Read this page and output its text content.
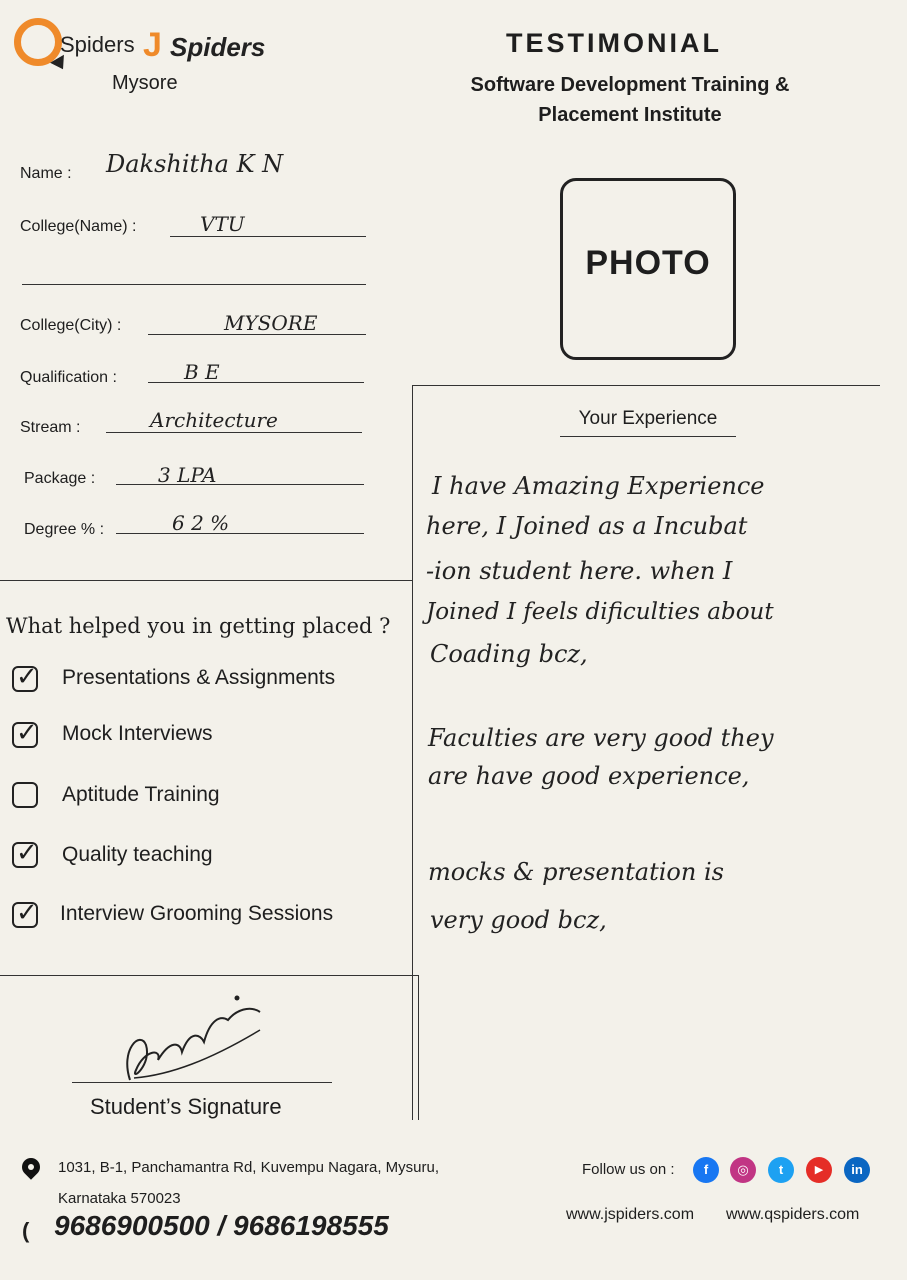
Spiders J Spiders
Mysore
TESTIMONIAL
Software Development Training &
Placement Institute
Name : Dakshitha K N
College(Name) :	VTU
College(City) :	MYSORE
Qualification :	B E
Stream :	Architecture
Package :	3 LPA
Degree % :	6 2 %
PHOTO
Your Experience
I have Amazing Experience
here, I Joined as a Incubat
-ion student here. when I
Joined I feels dificulties about
Coading bcz,
Faculties are very good they
are have good experience,
mocks & presentation is
very good bcz,
What helped you in getting placed ?
✓ Presentations & Assignments
✓ Mock Interviews
Aptitude Training
✓ Quality teaching
✓ Interview Grooming Sessions
Student’s Signature
1031, B-1, Panchamantra Rd, Kuvempu Nagara, Mysuru,
Karnataka 570023
( 9686900500 / 9686198555
Follow us on :	f	◎	t	▶	in
www.jspiders.com www.qspiders.com
